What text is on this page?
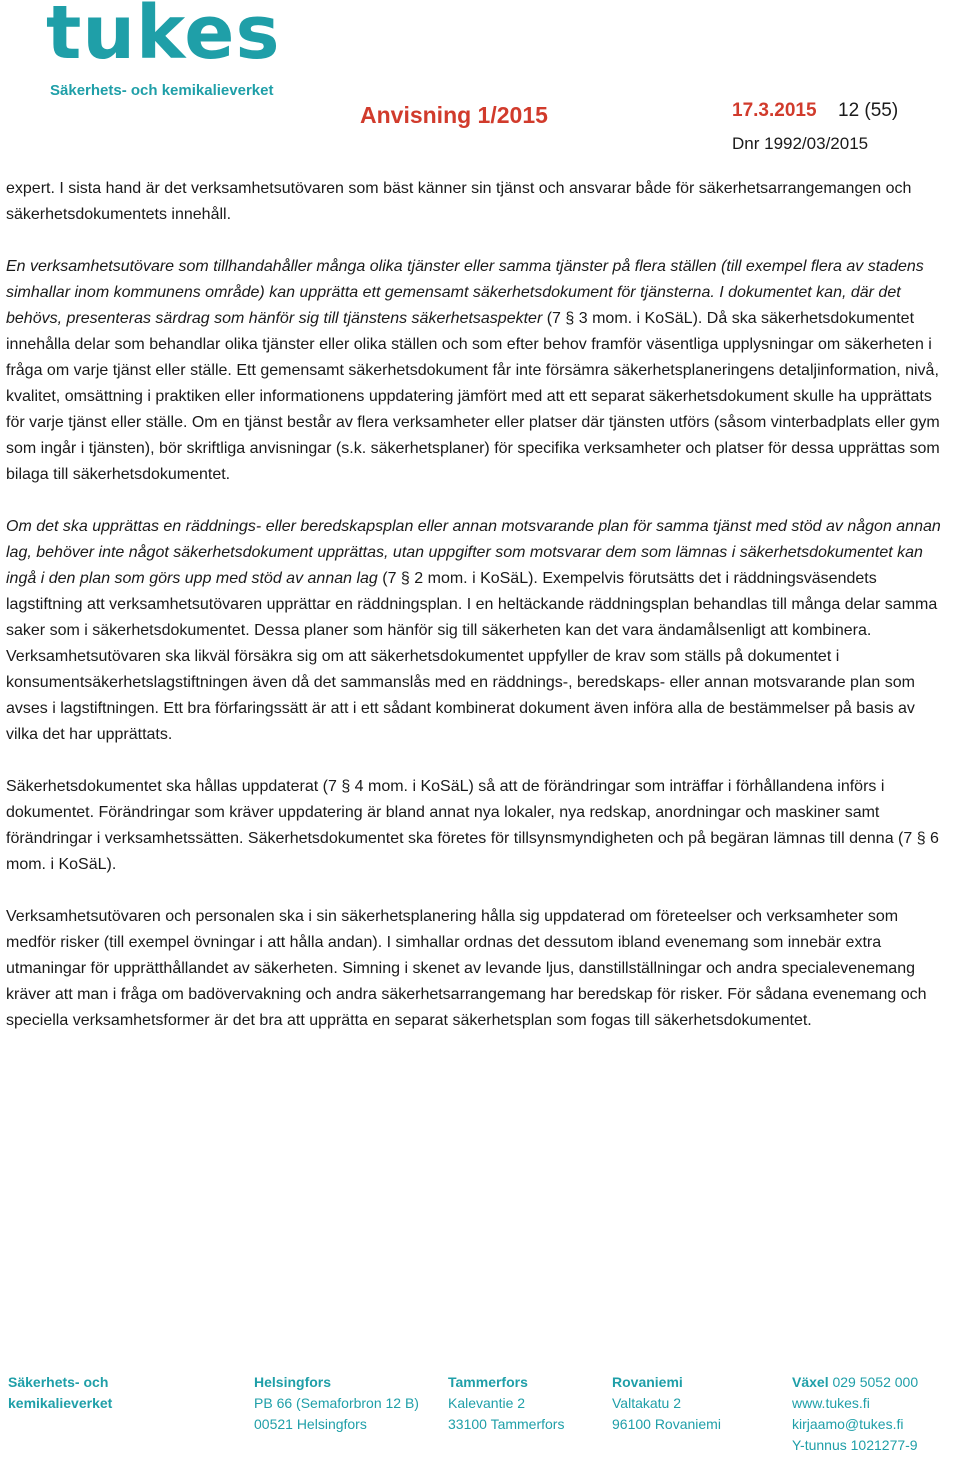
tukes
Säkerhets- och kemikalieverket
Anvisning 1/2015	17.3.2015 12 (55)
Dnr 1992/03/2015

expert. I sista hand är det verksamhetsutövaren som bäst känner sin tjänst och ansvarar både för säkerhetsarrangemangen och säkerhetsdokumentets innehåll.

En verksamhetsutövare som tillhandahåller många olika tjänster eller samma tjänster på flera ställen (till exempel flera av stadens simhallar inom kommunens område) kan upprätta ett gemensamt säkerhetsdokument för tjänsterna. I dokumentet kan, där det behövs, presenteras särdrag som hänför sig till tjänstens säkerhetsaspekter (7 § 3 mom. i KoSäL). Då ska säkerhetsdokumentet innehålla delar som behandlar olika tjänster eller olika ställen och som efter behov framför väsentliga upplysningar om säkerheten i fråga om varje tjänst eller ställe. Ett gemensamt säkerhetsdokument får inte försämra säkerhetsplaneringens detaljinformation, nivå, kvalitet, omsättning i praktiken eller informationens uppdatering jämfört med att ett separat säkerhetsdokument skulle ha upprättats för varje tjänst eller ställe. Om en tjänst består av flera verksamheter eller platser där tjänsten utförs (såsom vinterbadplats eller gym som ingår i tjänsten), bör skriftliga anvisningar (s.k. säkerhetsplaner) för specifika verksamheter och platser för dessa upprättas som bilaga till säkerhetsdokumentet.

Om det ska upprättas en räddnings- eller beredskapsplan eller annan motsvarande plan för samma tjänst med stöd av någon annan lag, behöver inte något säkerhetsdokument upprättas, utan uppgifter som motsvarar dem som lämnas i säkerhetsdokumentet kan ingå i den plan som görs upp med stöd av annan lag (7 § 2 mom. i KoSäL). Exempelvis förutsätts det i räddningsväsendets lagstiftning att verksamhetsutövaren upprättar en räddningsplan. I en heltäckande räddningsplan behandlas till många delar samma saker som i säkerhetsdokumentet. Dessa planer som hänför sig till säkerheten kan det vara ändamålsenligt att kombinera. Verksamhetsutövaren ska likväl försäkra sig om att säkerhetsdokumentet uppfyller de krav som ställs på dokumentet i konsumentsäkerhetslagstiftningen även då det sammanslås med en räddnings-, beredskaps- eller annan motsvarande plan som avses i lagstiftningen. Ett bra förfaringssätt är att i ett sådant kombinerat dokument även införa alla de bestämmelser på basis av vilka det har upprättats.

Säkerhetsdokumentet ska hållas uppdaterat (7 § 4 mom. i KoSäL) så att de förändringar som inträffar i förhållandena införs i dokumentet. Förändringar som kräver uppdatering är bland annat nya lokaler, nya redskap, anordningar och maskiner samt förändringar i verksamhetssätten. Säkerhetsdokumentet ska företes för tillsynsmyndigheten och på begäran lämnas till denna (7 § 6 mom. i KoSäL).

Verksamhetsutövaren och personalen ska i sin säkerhetsplanering hålla sig uppdaterad om företeelser och verksamheter som medför risker (till exempel övningar i att hålla andan). I simhallar ordnas det dessutom ibland evenemang som innebär extra utmaningar för upprätthållandet av säkerheten. Simning i skenet av levande ljus, danstillställningar och andra specialevenemang kräver att man i fråga om badövervakning och andra säkerhetsarrangemang har beredskap för risker. För sådana evenemang och speciella verksamhetsformer är det bra att upprätta en separat säkerhetsplan som fogas till säkerhetsdokumentet.

Säkerhets- och
kemikalieverket
Helsingfors
PB 66 (Semaforbron 12 B)
00521 Helsingfors
Tammerfors
Kalevantie 2
33100 Tammerfors
Rovaniemi
Valtakatu 2
96100 Rovaniemi
Växel 029 5052 000
www.tukes.fi
kirjaamo@tukes.fi
Y-tunnus 1021277-9
